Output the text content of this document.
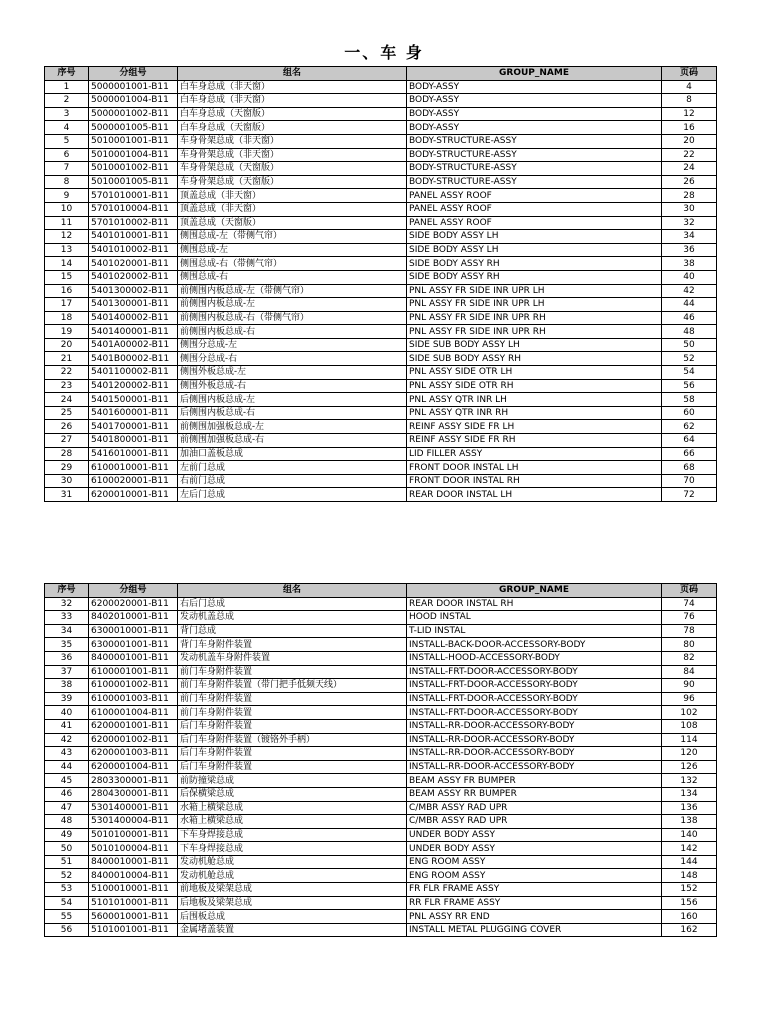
一、车 身
序号	分组号	组名	GROUP_NAME	页码
1	5000001001-B11	白车身总成（非天窗）	BODY-ASSY	4
2	5000001004-B11	白车身总成（非天窗）	BODY-ASSY	8
3	5000001002-B11	白车身总成（天窗版）	BODY-ASSY	12
4	5000001005-B11	白车身总成（天窗版）	BODY-ASSY	16
5	5010001001-B11	车身骨架总成（非天窗）	BODY-STRUCTURE-ASSY	20
6	5010001004-B11	车身骨架总成（非天窗）	BODY-STRUCTURE-ASSY	22
7	5010001002-B11	车身骨架总成（天窗版）	BODY-STRUCTURE-ASSY	24
8	5010001005-B11	车身骨架总成（天窗版）	BODY-STRUCTURE-ASSY	26
9	5701010001-B11	顶盖总成（非天窗）	PANEL ASSY ROOF	28
10	5701010004-B11	顶盖总成（非天窗）	PANEL ASSY ROOF	30
11	5701010002-B11	顶盖总成（天窗版）	PANEL ASSY ROOF	32
12	5401010001-B11	侧围总成-左（带侧气帘）	SIDE BODY ASSY LH	34
13	5401010002-B11	侧围总成-左	SIDE BODY ASSY LH	36
14	5401020001-B11	侧围总成-右（带侧气帘）	SIDE BODY ASSY RH	38
15	5401020002-B11	侧围总成-右	SIDE BODY ASSY RH	40
16	5401300002-B11	前侧围内板总成-左（带侧气帘）	PNL ASSY FR SIDE INR UPR LH	42
17	5401300001-B11	前侧围内板总成-左	PNL ASSY FR SIDE INR UPR LH	44
18	5401400002-B11	前侧围内板总成-右（带侧气帘）	PNL ASSY FR SIDE INR UPR RH	46
19	5401400001-B11	前侧围内板总成-右	PNL ASSY FR SIDE INR UPR RH	48
20	5401A00002-B11	侧围分总成-左	SIDE SUB BODY ASSY LH	50
21	5401B00002-B11	侧围分总成-右	SIDE SUB BODY ASSY RH	52
22	5401100002-B11	侧围外板总成-左	PNL ASSY SIDE OTR LH	54
23	5401200002-B11	侧围外板总成-右	PNL ASSY SIDE OTR RH	56
24	5401500001-B11	后侧围内板总成-左	PNL ASSY QTR INR LH	58
25	5401600001-B11	后侧围内板总成-右	PNL ASSY QTR INR RH	60
26	5401700001-B11	前侧围加强板总成-左	REINF ASSY SIDE FR LH	62
27	5401800001-B11	前侧围加强板总成-右	REINF ASSY SIDE FR RH	64
28	5416010001-B11	加油口盖板总成	LID FILLER ASSY	66
29	6100010001-B11	左前门总成	FRONT DOOR INSTAL LH	68
30	6100020001-B11	右前门总成	FRONT DOOR INSTAL RH	70
31	6200010001-B11	左后门总成	REAR DOOR INSTAL LH	72
序号	分组号	组名	GROUP_NAME	页码
32	6200020001-B11	右后门总成	REAR DOOR INSTAL RH	74
33	8402010001-B11	发动机盖总成	HOOD INSTAL	76
34	6300010001-B11	背门总成	T-LID INSTAL	78
35	6300001001-B11	背门车身附件装置	INSTALL-BACK-DOOR-ACCESSORY-BODY	80
36	8400001001-B11	发动机盖车身附件装置	INSTALL-HOOD-ACCESSORY-BODY	82
37	6100001001-B11	前门车身附件装置	INSTALL-FRT-DOOR-ACCESSORY-BODY	84
38	6100001002-B11	前门车身附件装置（带门把手低频天线）	INSTALL-FRT-DOOR-ACCESSORY-BODY	90
39	6100001003-B11	前门车身附件装置	INSTALL-FRT-DOOR-ACCESSORY-BODY	96
40	6100001004-B11	前门车身附件装置	INSTALL-FRT-DOOR-ACCESSORY-BODY	102
41	6200001001-B11	后门车身附件装置	INSTALL-RR-DOOR-ACCESSORY-BODY	108
42	6200001002-B11	后门车身附件装置（镀铬外手柄）	INSTALL-RR-DOOR-ACCESSORY-BODY	114
43	6200001003-B11	后门车身附件装置	INSTALL-RR-DOOR-ACCESSORY-BODY	120
44	6200001004-B11	后门车身附件装置	INSTALL-RR-DOOR-ACCESSORY-BODY	126
45	2803300001-B11	前防撞梁总成	BEAM ASSY FR BUMPER	132
46	2804300001-B11	后保横梁总成	BEAM ASSY RR BUMPER	134
47	5301400001-B11	水箱上横梁总成	C/MBR ASSY RAD UPR	136
48	5301400004-B11	水箱上横梁总成	C/MBR ASSY RAD UPR	138
49	5010100001-B11	下车身焊接总成	UNDER BODY ASSY	140
50	5010100004-B11	下车身焊接总成	UNDER BODY ASSY	142
51	8400010001-B11	发动机舱总成	ENG ROOM ASSY	144
52	8400010004-B11	发动机舱总成	ENG ROOM ASSY	148
53	5100010001-B11	前地板及梁架总成	FR FLR FRAME ASSY	152
54	5101010001-B11	后地板及梁架总成	RR FLR FRAME ASSY	156
55	5600010001-B11	后围板总成	PNL ASSY RR END	160
56	5101001001-B11	金属堵盖装置	INSTALL METAL PLUGGING COVER	162
